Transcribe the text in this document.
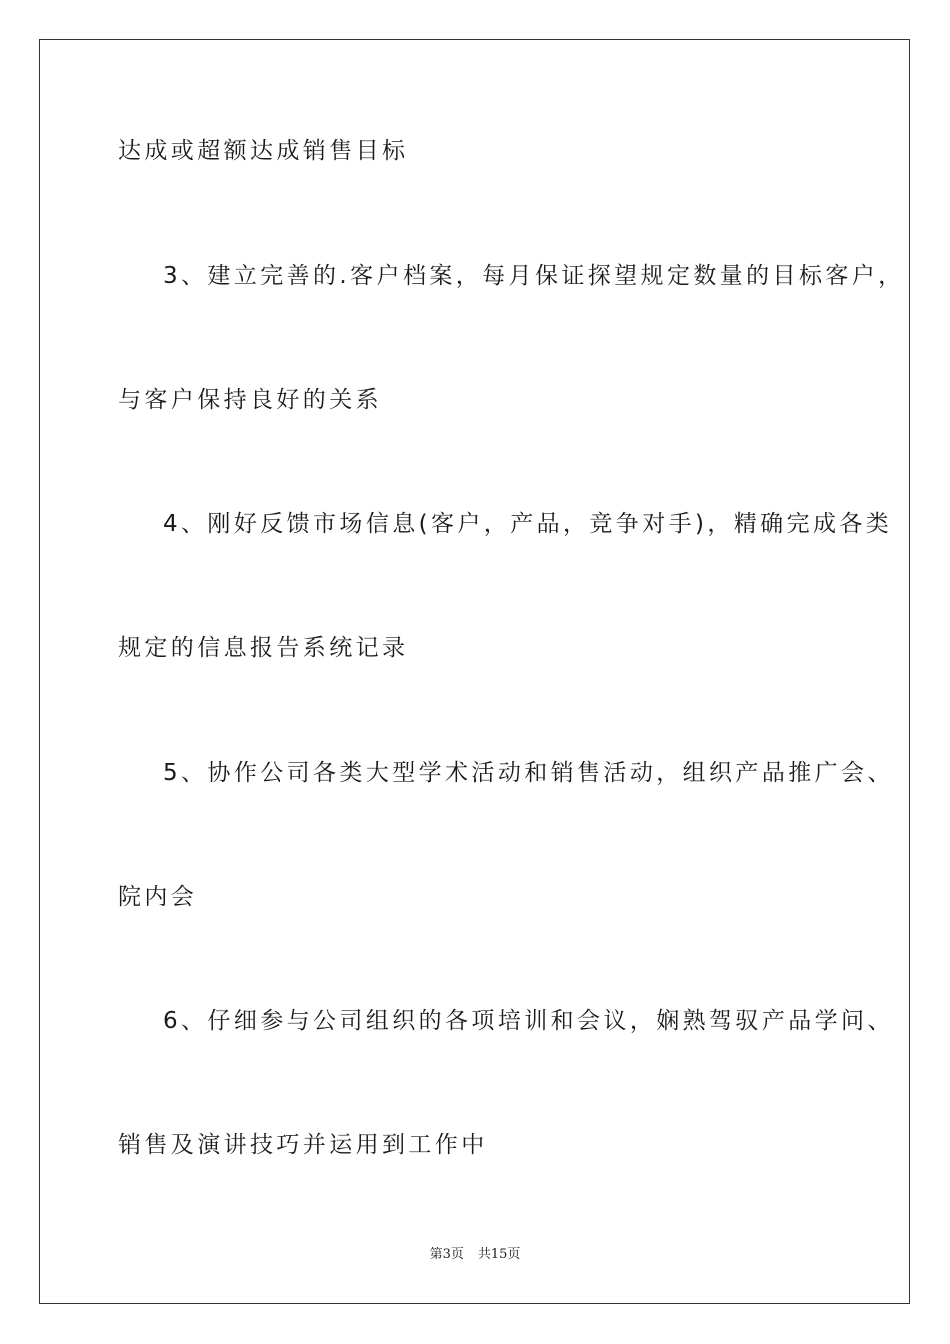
达成或超额达成销售目标
3、建立完善的.客户档案，每月保证探望规定数量的目标客户，
与客户保持良好的关系
4、刚好反馈市场信息(客户，产品，竞争对手)，精确完成各类
规定的信息报告系统记录
5、协作公司各类大型学术活动和销售活动，组织产品推广会、
院内会
6、仔细参与公司组织的各项培训和会议，娴熟驾驭产品学问、
销售及演讲技巧并运用到工作中
第3页 共15页
